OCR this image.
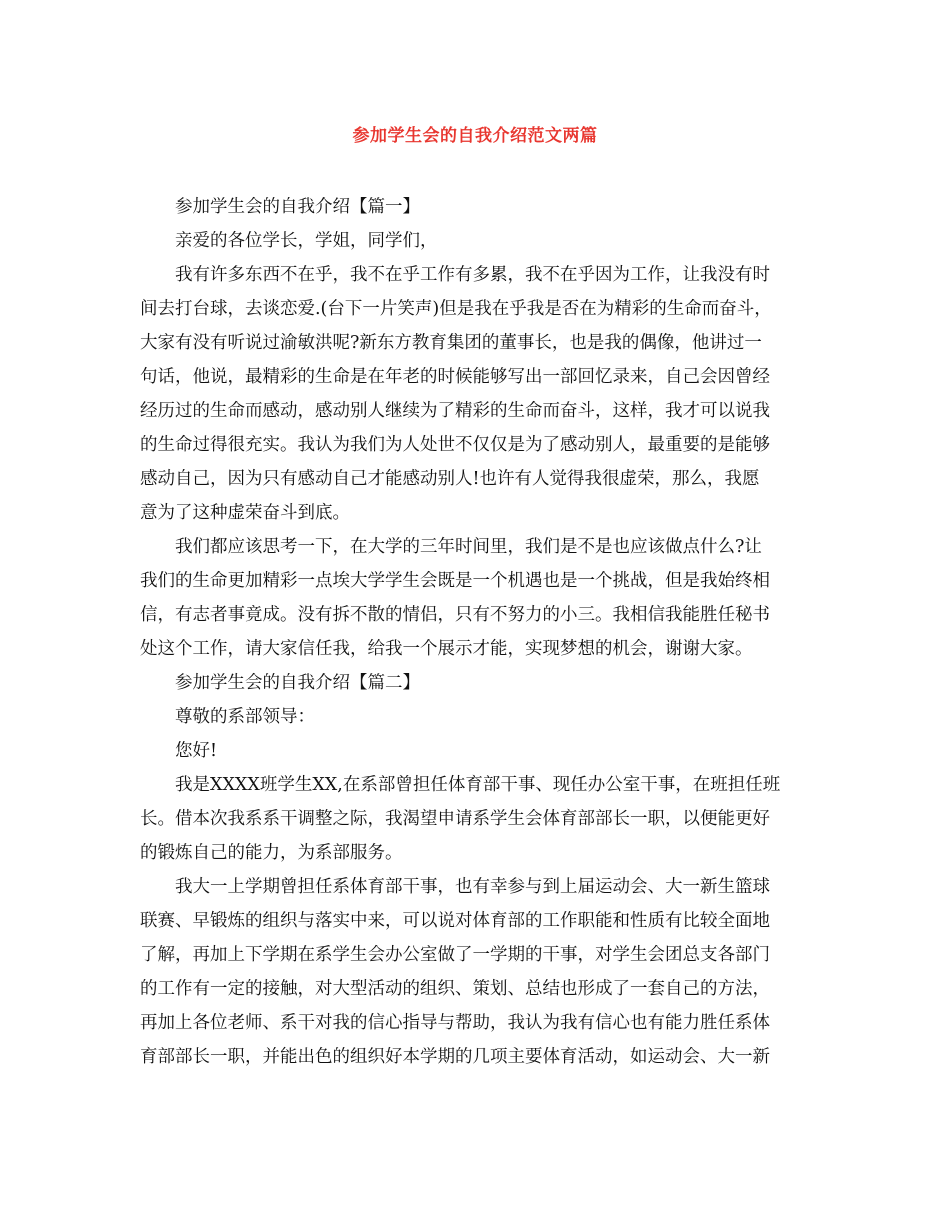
参加学生会的自我介绍范文两篇

参加学生会的自我介绍【篇一】

亲爱的各位学长，学姐，同学们，

我有许多东西不在乎，我不在乎工作有多累，我不在乎因为工作，让我没有时
间去打台球，去谈恋爱.(台下一片笑声)但是我在乎我是否在为精彩的生命而奋斗，
大家有没有听说过渝敏洪呢?新东方教育集团的董事长，也是我的偶像，他讲过一
句话，他说，最精彩的生命是在年老的时候能够写出一部回忆录来，自己会因曾经
经历过的生命而感动，感动别人继续为了精彩的生命而奋斗，这样，我才可以说我
的生命过得很充实。我认为我们为人处世不仅仅是为了感动别人，最重要的是能够
感动自己，因为只有感动自己才能感动别人!也许有人觉得我很虚荣，那么，我愿
意为了这种虚荣奋斗到底。

我们都应该思考一下，在大学的三年时间里，我们是不是也应该做点什么?让
我们的生命更加精彩一点埃大学学生会既是一个机遇也是一个挑战，但是我始终相
信，有志者事竟成。没有拆不散的情侣，只有不努力的小三。我相信我能胜任秘书
处这个工作，请大家信任我，给我一个展示才能，实现梦想的机会，谢谢大家。

参加学生会的自我介绍【篇二】

尊敬的系部领导：

您好!

我是XXXX班学生XX,在系部曾担任体育部干事、现任办公室干事，在班担任班
长。借本次我系系干调整之际，我渴望申请系学生会体育部部长一职，以便能更好
的锻炼自己的能力，为系部服务。

我大一上学期曾担任系体育部干事，也有幸参与到上届运动会、大一新生篮球
联赛、早锻炼的组织与落实中来，可以说对体育部的工作职能和性质有比较全面地
了解，再加上下学期在系学生会办公室做了一学期的干事，对学生会团总支各部门
的工作有一定的接触，对大型活动的组织、策划、总结也形成了一套自己的方法，
再加上各位老师、系干对我的信心指导与帮助，我认为我有信心也有能力胜任系体
育部部长一职，并能出色的组织好本学期的几项主要体育活动，如运动会、大一新
